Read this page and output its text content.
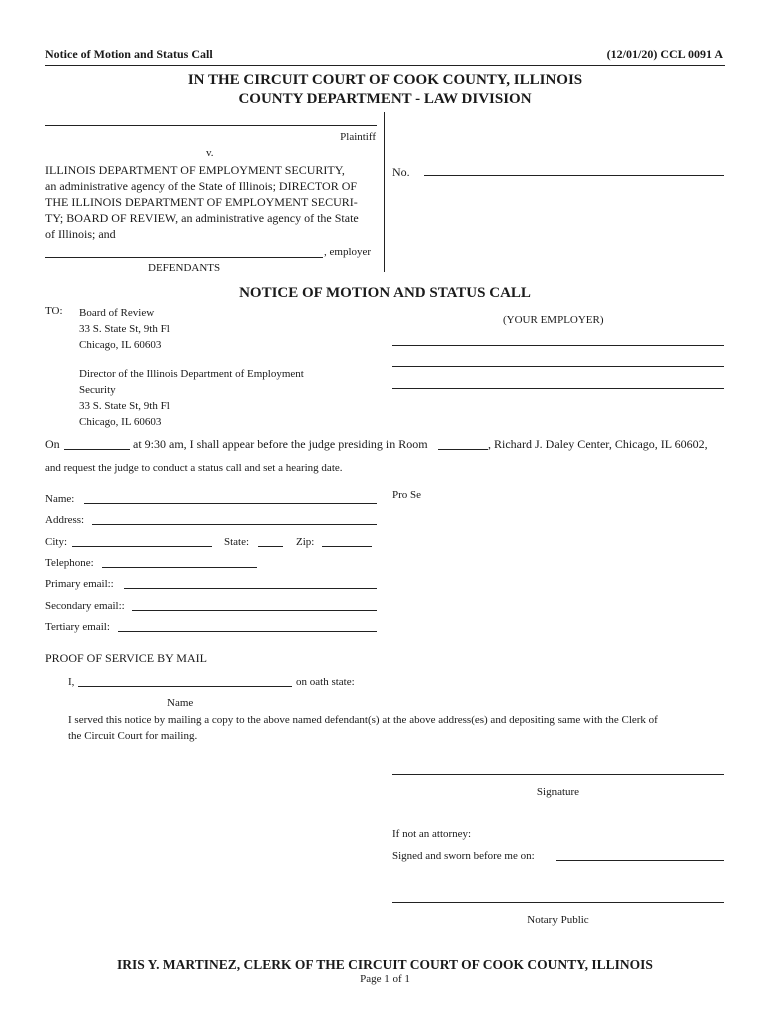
Notice of Motion and Status Call	(12/01/20) CCL 0091 A
IN THE CIRCUIT COURT OF COOK COUNTY, ILLINOIS
COUNTY DEPARTMENT - LAW DIVISION
Plaintiff
v.
ILLINOIS DEPARTMENT OF EMPLOYMENT SECURITY,
an administrative agency of the State of Illinois; DIRECTOR OF
THE ILLINOIS DEPARTMENT OF EMPLOYMENT SECURI-
TY; BOARD OF REVIEW, an administrative agency of the State
of Illinois; and
, employer
DEFENDANTS
No.
NOTICE OF MOTION AND STATUS CALL
TO: Board of Review
33 S. State St, 9th Fl
Chicago, IL 60603
Director of the Illinois Department of Employment
Security
33 S. State St, 9th Fl
Chicago, IL 60603
(YOUR EMPLOYER)
On	at 9:30 am, I shall appear before the judge presiding in Room	, Richard J. Daley Center, Chicago, IL 60602,
and request the judge to conduct a status call and set a hearing date.
Name:	Pro Se
Address:
City:	State:	Zip:
Telephone:
Primary email::
Secondary email::
Tertiary email:
PROOF OF SERVICE BY MAIL
I,	on oath state:
Name
I served this notice by mailing a copy to the above named defendant(s) at the above address(es) and depositing same with the Clerk of
the Circuit Court for mailing.
Signature
If not an attorney:
Signed and sworn before me on:
Notary Public
IRIS Y. MARTINEZ, CLERK OF THE CIRCUIT COURT OF COOK COUNTY, ILLINOIS
Page 1 of 1
